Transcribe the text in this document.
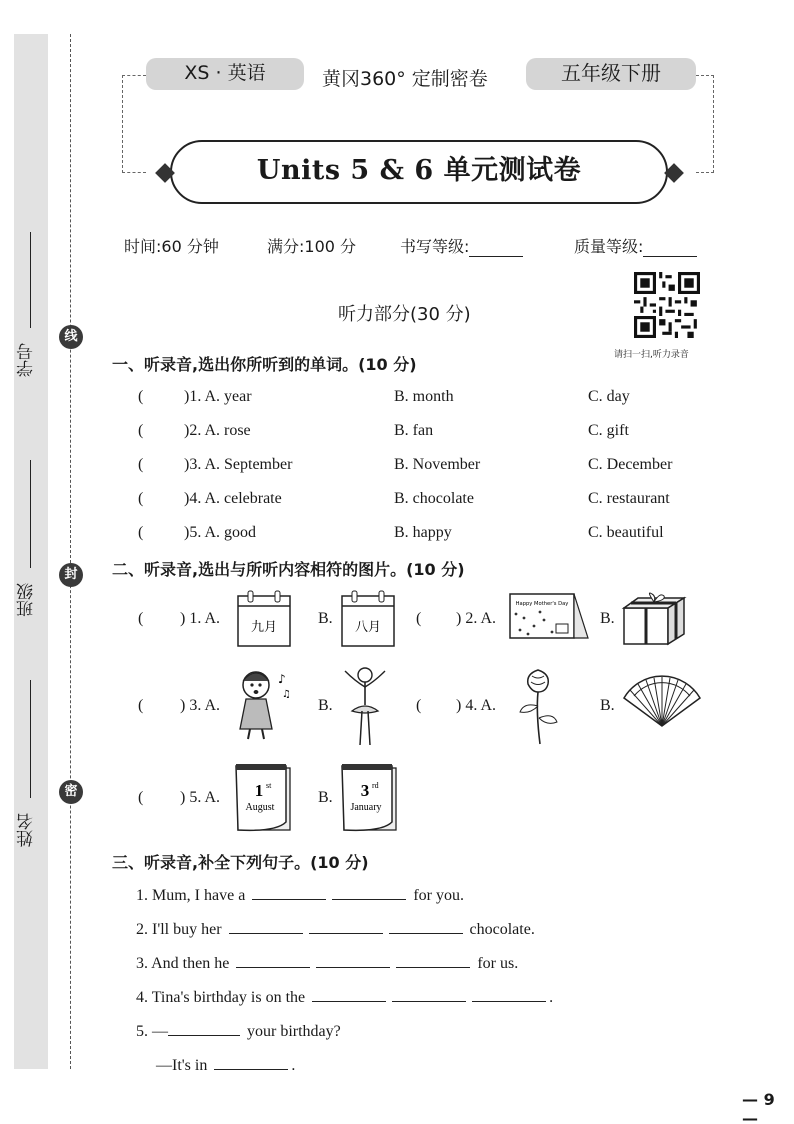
学号
班级
姓名
线
封
密
XS · 英语	黄冈360° 定制密卷	五年级下册
Units 5 & 6 单元测试卷
时间:60 分钟	满分:100 分	书写等级:	质量等级:
听力部分(30 分)
请扫一扫,听力录音
一、听录音,选出你所听到的单词。(10 分)
(	)1. A. year	B. month	C. day
(	)2. A. rose	B. fan	C. gift
(	)3. A. September	B. November	C. December
(	)4. A. celebrate	B. chocolate	C. restaurant
(	)5. A. good	B. happy	C. beautiful
二、听录音,选出与所听内容相符的图片。(10 分)
( ) 1. A.
九月
B.
八月
( ) 2. A.
Happy Mother's Day
B.
( ) 3. A.
♪
♫
B.	( ) 4. A.	B.
( ) 5. A. 1 st
August
B. 3 rd
January
三、听录音,补全下列句子。(10 分)
1. Mum, I have a	for you.
2. I'll buy her	chocolate.
3. And then he	for us.
4. Tina's birthday is on the	.
5. —	your birthday?
—It's in	.
— 9 —
